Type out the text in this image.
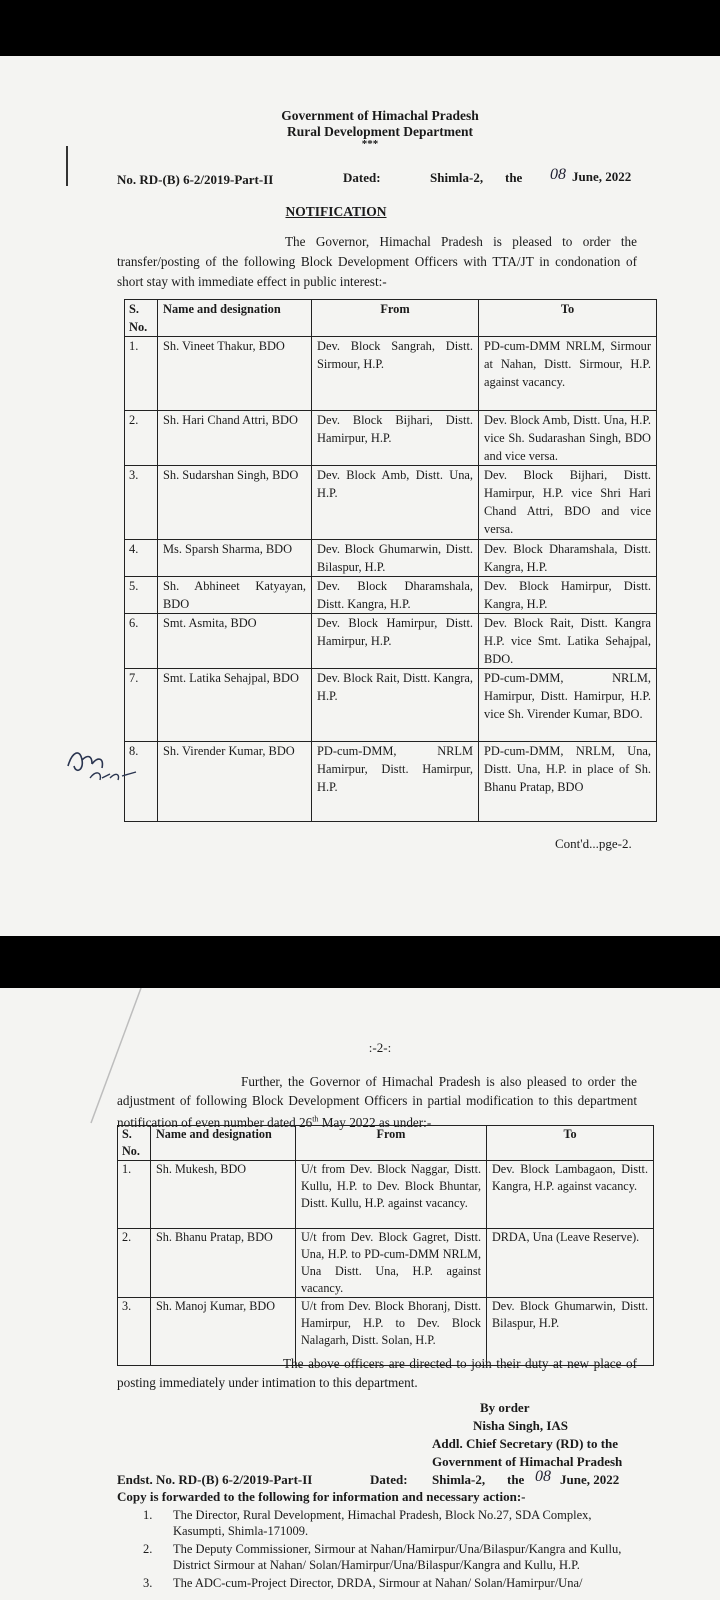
Government of Himachal Pradesh
Rural Development Department
***
No. RD-(B) 6-2/2019-Part-II	Dated:	Shimla-2, the 08 June, 2022
NOTIFICATION
The Governor, Himachal Pradesh is pleased to order the transfer/posting of the following Block Development Officers with TTA/JT in condonation of short stay with immediate effect in public interest:-
S. No.	Name and designation	From	To
1.	Sh. Vineet Thakur, BDO	Dev. Block Sangrah, Distt. Sirmour, H.P.	PD-cum-DMM NRLM, Sirmour at Nahan, Distt. Sirmour, H.P. against vacancy.
2.	Sh. Hari Chand Attri, BDO	Dev. Block Bijhari, Distt. Hamirpur, H.P.	Dev. Block Amb, Distt. Una, H.P. vice Sh. Sudarashan Singh, BDO and vice versa.
3.	Sh. Sudarshan Singh, BDO	Dev. Block Amb, Distt. Una, H.P.	Dev. Block Bijhari, Distt. Hamirpur, H.P. vice Shri Hari Chand Attri, BDO and vice versa.
4.	Ms. Sparsh Sharma, BDO	Dev. Block Ghumarwin, Distt. Bilaspur, H.P.	Dev. Block Dharamshala, Distt. Kangra, H.P.
5.	Sh. Abhineet Katyayan, BDO	Dev. Block Dharamshala, Distt. Kangra, H.P.	Dev. Block Hamirpur, Distt. Kangra, H.P.
6.	Smt. Asmita, BDO	Dev. Block Hamirpur, Distt. Hamirpur, H.P.	Dev. Block Rait, Distt. Kangra H.P. vice Smt. Latika Sehajpal, BDO.
7.	Smt. Latika Sehajpal, BDO	Dev. Block Rait, Distt. Kangra, H.P.	PD-cum-DMM, NRLM, Hamirpur, Distt. Hamirpur, H.P. vice Sh. Virender Kumar, BDO.
8.	Sh. Virender Kumar, BDO	PD-cum-DMM, NRLM Hamirpur, Distt. Hamirpur, H.P.	PD-cum-DMM, NRLM, Una, Distt. Una, H.P. in place of Sh. Bhanu Pratap, BDO
Cont'd...pge-2.
:-2-:
Further, the Governor of Himachal Pradesh is also pleased to order the adjustment of following Block Development Officers in partial modification to this department notification of even number dated 26th May 2022 as under:-
S. No.	Name and designation	From	To
1.	Sh. Mukesh, BDO	U/t from Dev. Block Naggar, Distt. Kullu, H.P. to Dev. Block Bhuntar, Distt. Kullu, H.P. against vacancy.	Dev. Block Lambagaon, Distt. Kangra, H.P. against vacancy.
2.	Sh. Bhanu Pratap, BDO	U/t from Dev. Block Gagret, Distt. Una, H.P. to PD-cum-DMM NRLM, Una Distt. Una, H.P. against vacancy.	DRDA, Una (Leave Reserve).
3.	Sh. Manoj Kumar, BDO	U/t from Dev. Block Bhoranj, Distt. Hamirpur, H.P. to Dev. Block Nalagarh, Distt. Solan, H.P.	Dev. Block Ghumarwin, Distt. Bilaspur, H.P.
The above officers are directed to join their duty at new place of posting immediately under intimation to this department.
By order
Nisha Singh, IAS
Addl. Chief Secretary (RD) to the
Government of Himachal Pradesh
Endst. No. RD-(B) 6-2/2019-Part-II	Dated: Shimla-2, the 08 June, 2022
Copy is forwarded to the following for information and necessary action:-
1. The Director, Rural Development, Himachal Pradesh, Block No.27, SDA Complex, Kasumpti, Shimla-171009.
2. The Deputy Commissioner, Sirmour at Nahan/Hamirpur/Una/Bilaspur/Kangra and Kullu, District Sirmour at Nahan/ Solan/Hamirpur/Una/Bilaspur/Kangra and Kullu, H.P.
3. The ADC-cum-Project Director, DRDA, Sirmour at Nahan/ Solan/Hamirpur/Una/
